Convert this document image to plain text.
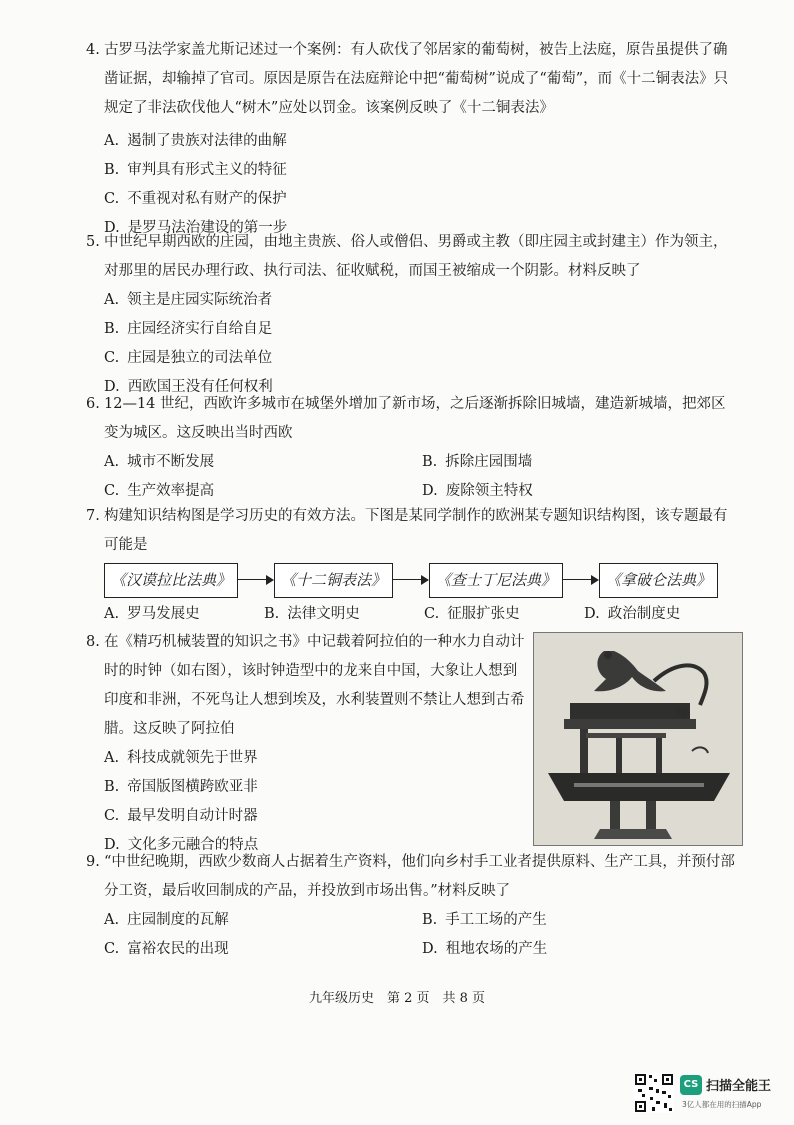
4. 古罗马法学家盖尤斯记述过一个案例：有人砍伐了邻居家的葡萄树，被告上法庭，原告虽提供了确凿证据，却输掉了官司。原因是原告在法庭辩论中把“葡萄树”说成了“葡萄”，而《十二铜表法》只规定了非法砍伐他人“树木”应处以罚金。该案例反映了《十二铜表法》

A. 遏制了贵族对法律的曲解
B. 审判具有形式主义的特征
C. 不重视对私有财产的保护
D. 是罗马法治建设的第一步

5. 中世纪早期西欧的庄园，由地主贵族、俗人或僧侣、男爵或主教（即庄园主或封建主）作为领主，对那里的居民办理行政、执行司法、征收赋税，而国王被缩成一个阴影。材料反映了

A. 领主是庄园实际统治者
B. 庄园经济实行自给自足
C. 庄园是独立的司法单位
D. 西欧国王没有任何权利

6. 12—14 世纪，西欧许多城市在城堡外增加了新市场，之后逐渐拆除旧城墙，建造新城墙，把郊区变为城区。这反映出当时西欧

A. 城市不断发展	B. 拆除庄园围墙
C. 生产效率提高	D. 废除领主特权

7. 构建知识结构图是学习历史的有效方法。下图是某同学制作的欧洲某专题知识结构图，该专题最有可能是

《汉谟拉比法典》	《十二铜表法》	《查士丁尼法典》	《拿破仑法典》
A. 罗马发展史	B. 法律文明史	C. 征服扩张史	D. 政治制度史

8. 在《精巧机械装置的知识之书》中记载着阿拉伯的一种水力自动计时的时钟（如右图），该时钟造型中的龙来自中国，大象让人想到印度和非洲，不死鸟让人想到埃及，水利装置则不禁让人想到古希腊。这反映了阿拉伯

A. 科技成就领先于世界
B. 帝国版图横跨欧亚非
C. 最早发明自动计时器
D. 文化多元融合的特点

9. “中世纪晚期，西欧少数商人占据着生产资料，他们向乡村手工业者提供原料、生产工具，并预付部分工资，最后收回制成的产品，并投放到市场出售。”材料反映了

A. 庄园制度的瓦解	B. 手工工场的产生
C. 富裕农民的出现	D. 租地农场的产生
九年级历史　第 2 页　共 8 页
CS 扫描全能王
3亿人都在用的扫描App
